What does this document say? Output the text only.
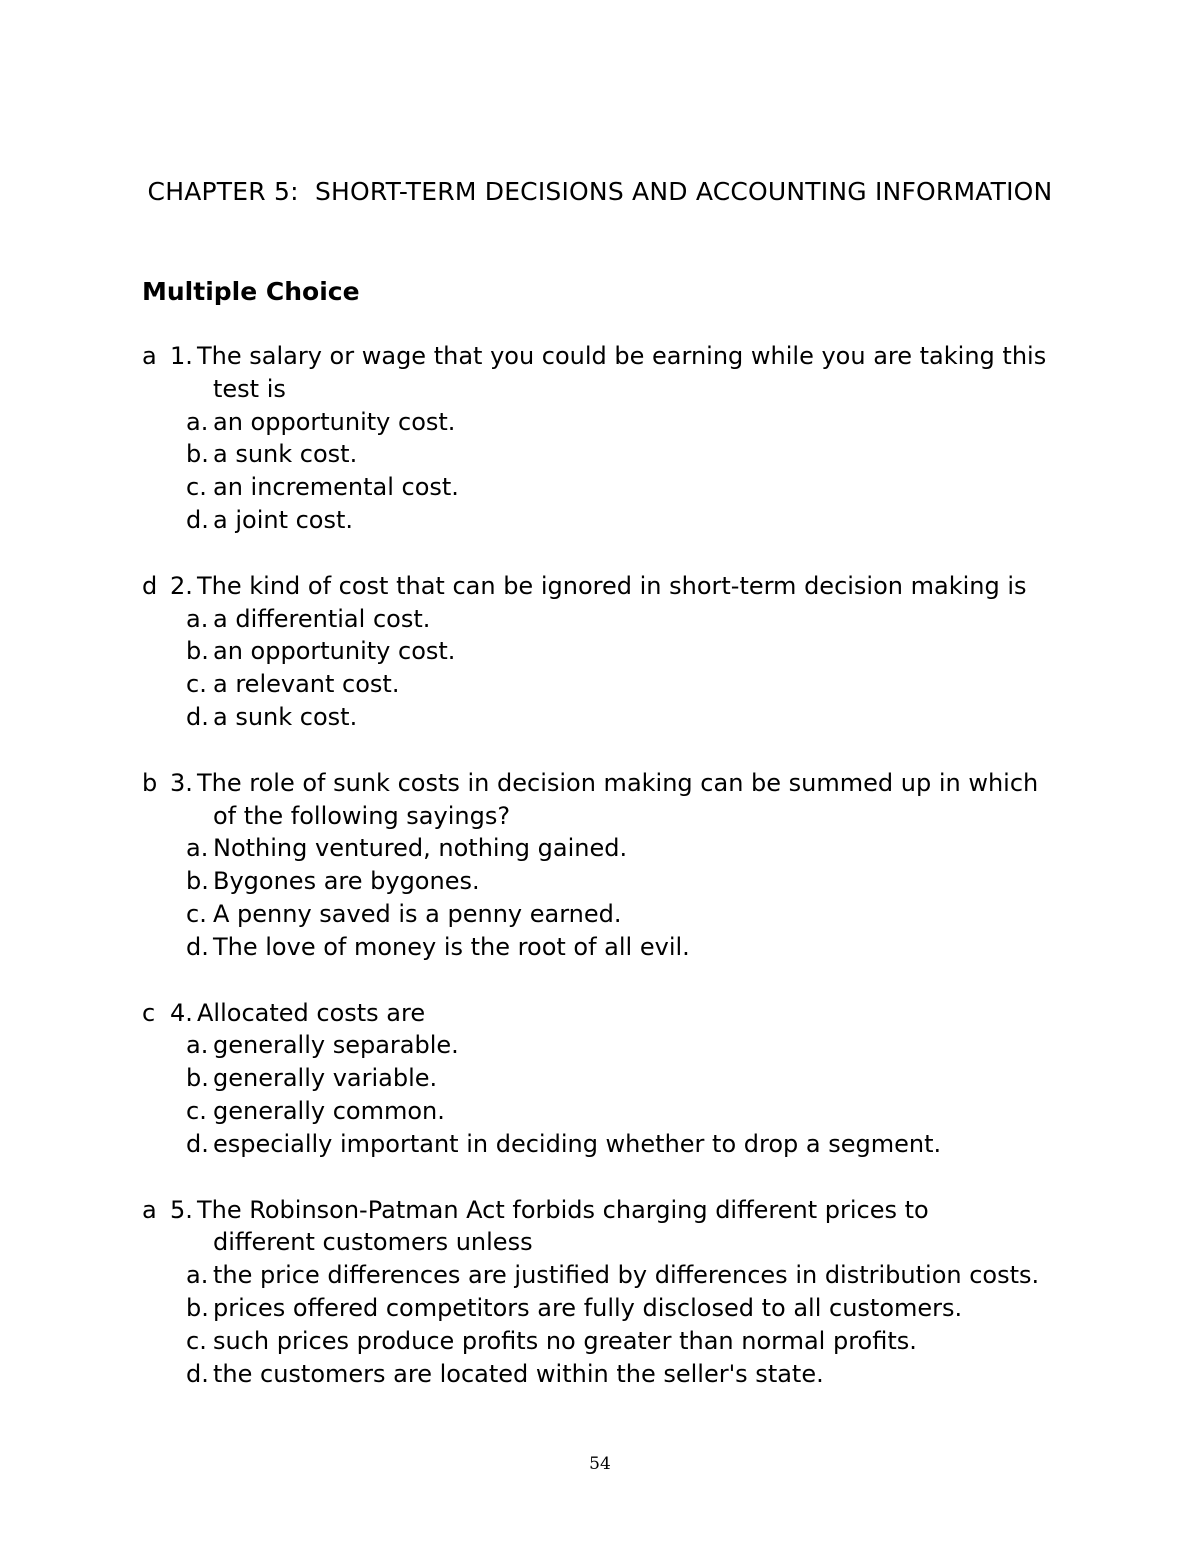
CHAPTER 5:  SHORT-TERM DECISIONS AND ACCOUNTING INFORMATION
Multiple Choice
a 1. The salary or wage that you could be earning while you are taking this
test is
a. an opportunity cost.
b. a sunk cost.
c. an incremental cost.
d. a joint cost.
d 2. The kind of cost that can be ignored in short-term decision making is
a. a differential cost.
b. an opportunity cost.
c. a relevant cost.
d. a sunk cost.
b 3. The role of sunk costs in decision making can be summed up in which
of the following sayings?
a. Nothing ventured, nothing gained.
b. Bygones are bygones.
c. A penny saved is a penny earned.
d. The love of money is the root of all evil.
c 4. Allocated costs are
a. generally separable.
b. generally variable.
c. generally common.
d. especially important in deciding whether to drop a segment.
a 5. The Robinson-Patman Act forbids charging different prices to
different customers unless
a. the price differences are justified by differences in distribution costs.
b. prices offered competitors are fully disclosed to all customers.
c. such prices produce profits no greater than normal profits.
d. the customers are located within the seller's state.
54
